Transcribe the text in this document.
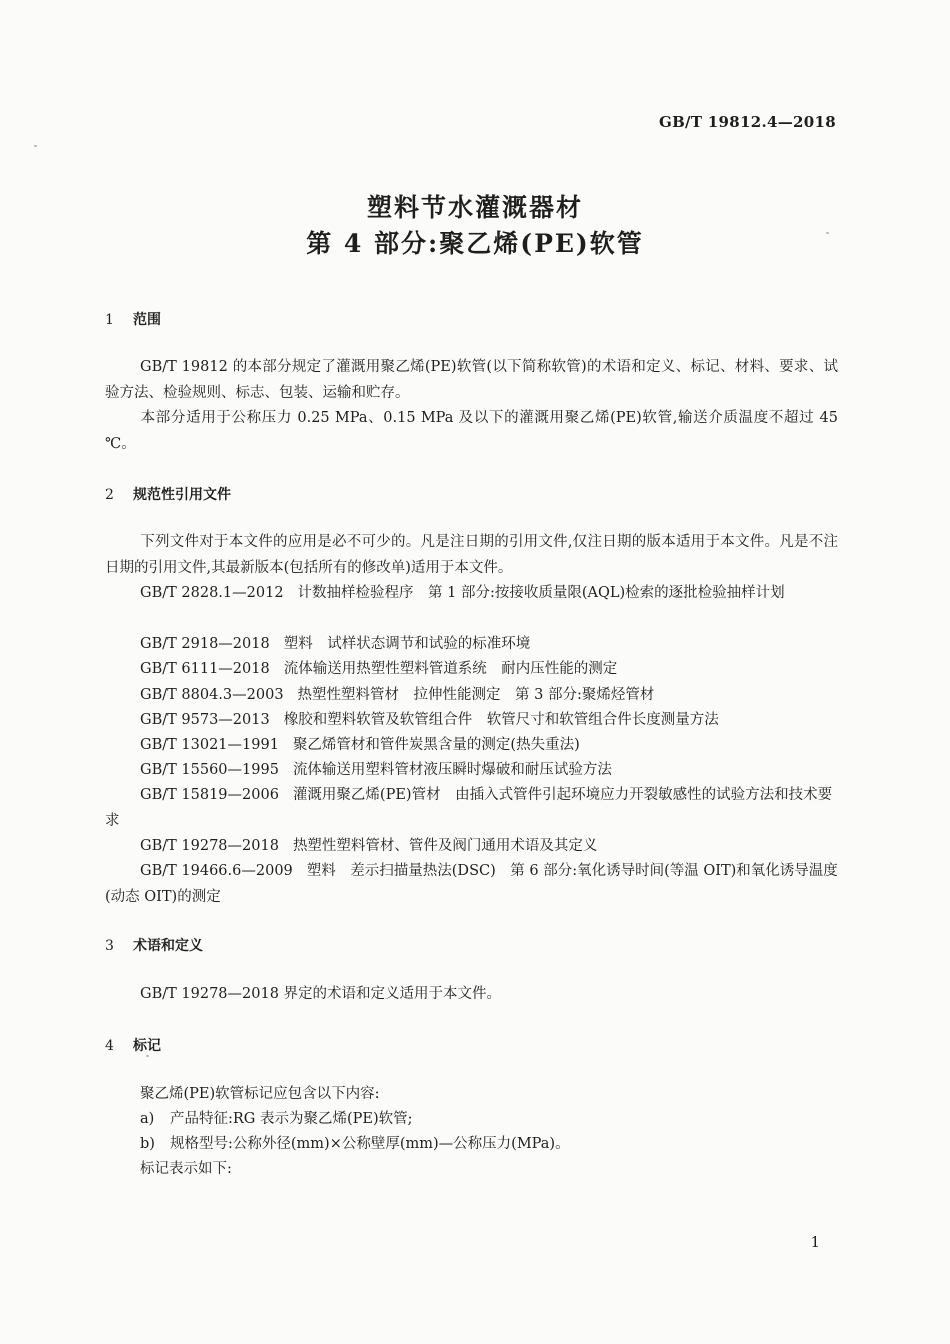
GB/T 19812.4—2018
塑料节水灌溉器材
第 4 部分:聚乙烯(PE)软管
1 范围
GB/T 19812 的本部分规定了灌溉用聚乙烯(PE)软管(以下简称软管)的术语和定义、标记、材料、要求、试验方法、检验规则、标志、包装、运输和贮存。
本部分适用于公称压力 0.25 MPa、0.15 MPa 及以下的灌溉用聚乙烯(PE)软管,输送介质温度不超过 45 ℃。
2 规范性引用文件
下列文件对于本文件的应用是必不可少的。凡是注日期的引用文件,仅注日期的版本适用于本文件。凡是不注日期的引用文件,其最新版本(包括所有的修改单)适用于本文件。
GB/T 2828.1—2012 计数抽样检验程序　第 1 部分:按接收质量限(AQL)检索的逐批检验抽样计划
GB/T 2918—2018 塑料　试样状态调节和试验的标准环境
GB/T 6111—2018 流体输送用热塑性塑料管道系统　耐内压性能的测定
GB/T 8804.3—2003 热塑性塑料管材　拉伸性能测定　第 3 部分:聚烯烃管材
GB/T 9573—2013 橡胶和塑料软管及软管组合件　软管尺寸和软管组合件长度测量方法
GB/T 13021—1991 聚乙烯管材和管件炭黑含量的测定(热失重法)
GB/T 15560—1995 流体输送用塑料管材液压瞬时爆破和耐压试验方法
GB/T 15819—2006 灌溉用聚乙烯(PE)管材　由插入式管件引起环境应力开裂敏感性的试验方法和技术要求
GB/T 19278—2018 热塑性塑料管材、管件及阀门通用术语及其定义
GB/T 19466.6—2009 塑料　差示扫描量热法(DSC)　第 6 部分:氧化诱导时间(等温 OIT)和氧化诱导温度(动态 OIT)的测定
3 术语和定义
GB/T 19278—2018 界定的术语和定义适用于本文件。
4 标记
聚乙烯(PE)软管标记应包含以下内容:
a) 产品特征:RG 表示为聚乙烯(PE)软管;
b) 规格型号:公称外径(mm)×公称壁厚(mm)—公称压力(MPa)。
标记表示如下:
1
